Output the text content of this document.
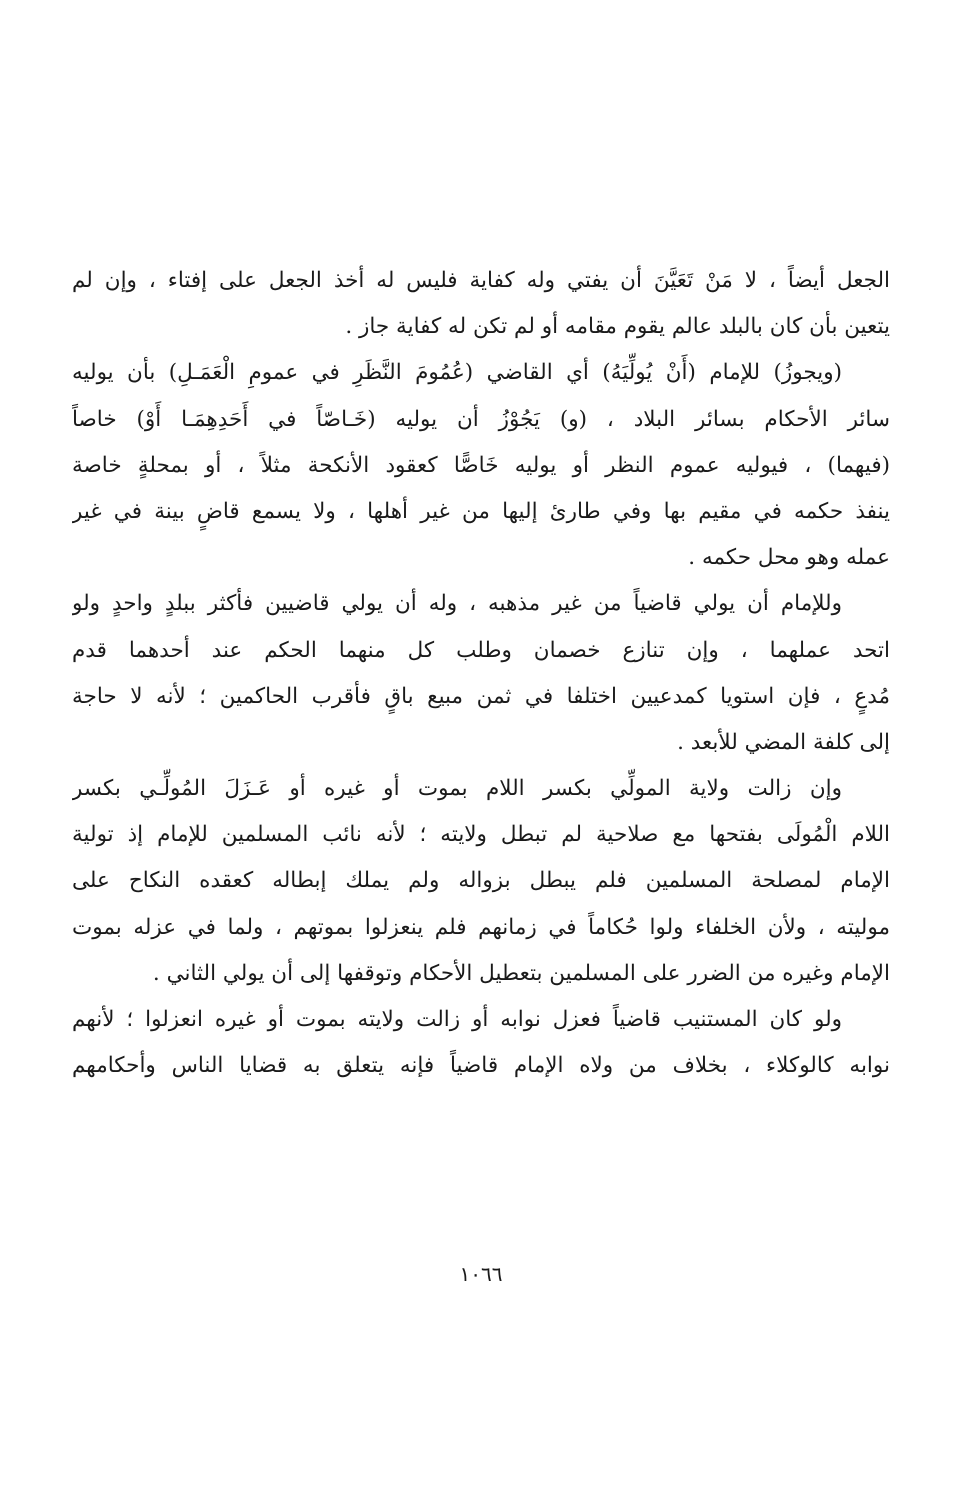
الجعل أيضاً ، لا مَنْ تَعَيَّنَ أن يفتي وله كفاية فليس له أخذ الجعل على إفتاء ، وإن لم
يتعين بأن كان بالبلد عالم يقوم مقامه أو لم تكن له كفاية جاز .
(ويجوزُ) للإمام (أَنْ يُولِّيَهُ) أي القاضي (عُمُومَ النَّظَرِ في عمومِ الْعَمَـلِ) بأن يوليه
سائر الأحكام بسائر البلاد ، (و) يَجُوْزُ أن يوليه (خَـاصّاً في أَحَدِهِمَـا أَوْ) خاصاً
(فيهما) ، فيوليه عموم النظر أو يوليه خَاصًّا كعقود الأنكحة مثلاً ، أو بمحلةٍ خاصة
ينفذ حكمه في مقيم بها وفي طارئ إليها من غير أهلها ، ولا يسمع قاضٍ بينة في غير
عمله وهو محل حكمه .
وللإمام أن يولي قاضياً من غير مذهبه ، وله أن يولي قاضيين فأكثر ببلدٍ واحدٍ ولو
اتحد عملهما ، وإن تنازع خصمان وطلب كل منهما الحكم عند أحدهما قدم
مُدعٍ ، فإن استويا كمدعيين اختلفا في ثمن مبيع باقٍ فأقرب الحاكمين ؛ لأنه لا حاجة
إلى كلفة المضي للأبعد .
وإن زالت ولاية المولِّي بكسر اللام بموت أو غيره أو عَـزَلَ المُولِّـي بكسر
اللام الْمُولَى بفتحها مع صلاحية لم تبطل ولايته ؛ لأنه نائب المسلمين للإمام إذ تولية
الإمام لمصلحة المسلمين فلم يبطل بزواله ولم يملك إبطاله كعقده النكاح على
موليته ، ولأن الخلفاء ولوا حُكاماً في زمانهم فلم ينعزلوا بموتهم ، ولما في عزله بموت
الإمام وغيره من الضرر على المسلمين بتعطيل الأحكام وتوقفها إلى أن يولي الثاني .
ولو كان المستنيب قاضياً فعزل نوابه أو زالت ولايته بموت أو غيره انعزلوا ؛ لأنهم
نوابه كالوكلاء ، بخلاف من ولاه الإمام قاضياً فإنه يتعلق به قضايا الناس وأحكامهم
١٠٦٦
